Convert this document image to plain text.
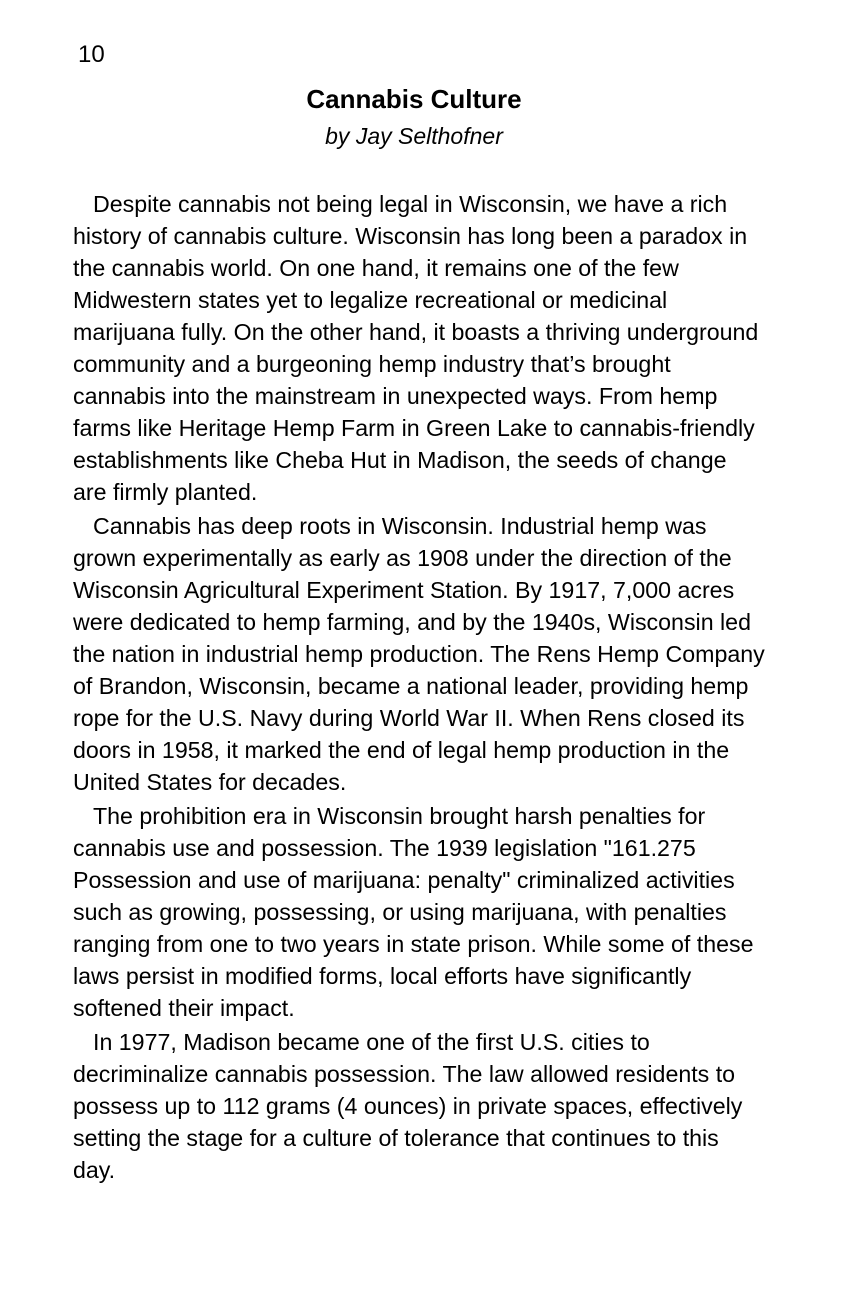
10

Cannabis Culture

by Jay Selthofner

Despite cannabis not being legal in Wisconsin, we have a rich history of cannabis culture. Wisconsin has long been a paradox in the cannabis world. On one hand, it remains one of the few Midwestern states yet to legalize recreational or medicinal marijuana fully. On the other hand, it boasts a thriving underground community and a burgeoning hemp industry that’s brought cannabis into the mainstream in unexpected ways. From hemp farms like Heritage Hemp Farm in Green Lake to cannabis-friendly establishments like Cheba Hut in Madison, the seeds of change are firmly planted.

Cannabis has deep roots in Wisconsin. Industrial hemp was grown experimentally as early as 1908 under the direction of the Wisconsin Agricultural Experiment Station. By 1917, 7,000 acres were dedicated to hemp farming, and by the 1940s, Wisconsin led the nation in industrial hemp production. The Rens Hemp Company of Brandon, Wisconsin, became a national leader, providing hemp rope for the U.S. Navy during World War II. When Rens closed its doors in 1958, it marked the end of legal hemp production in the United States for decades.

The prohibition era in Wisconsin brought harsh penalties for cannabis use and possession. The 1939 legislation "161.275 Possession and use of marijuana: penalty" criminalized activities such as growing, possessing, or using marijuana, with penalties ranging from one to two years in state prison. While some of these laws persist in modified forms, local efforts have significantly softened their impact.

In 1977, Madison became one of the first U.S. cities to decriminalize cannabis possession. The law allowed residents to possess up to 112 grams (4 ounces) in private spaces, effectively setting the stage for a culture of tolerance that continues to this day.
